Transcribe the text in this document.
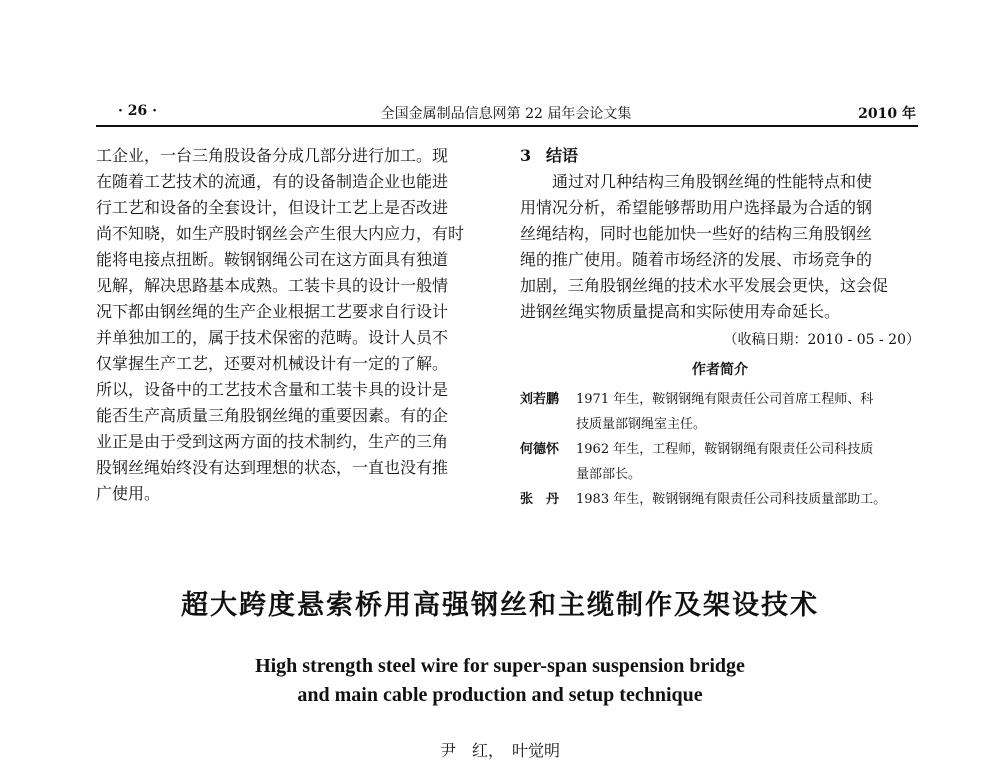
· 26 ·	全国金属制品信息网第 22 届年会论文集	2010 年

工企业，一台三角股设备分成几部分进行加工。现
在随着工艺技术的流通，有的设备制造企业也能进
行工艺和设备的全套设计，但设计工艺上是否改进
尚不知晓，如生产股时钢丝会产生很大内应力，有时
能将电接点扭断。鞍钢钢绳公司在这方面具有独道
见解，解决思路基本成熟。工装卡具的设计一般情
况下都由钢丝绳的生产企业根据工艺要求自行设计
并单独加工的，属于技术保密的范畴。设计人员不
仅掌握生产工艺，还要对机械设计有一定的了解。
所以，设备中的工艺技术含量和工装卡具的设计是
能否生产高质量三角股钢丝绳的重要因素。有的企
业正是由于受到这两方面的技术制约，生产的三角
股钢丝绳始终没有达到理想的状态，一直也没有推
广使用。

3 结语

　　通过对几种结构三角股钢丝绳的性能特点和使
用情况分析，希望能够帮助用户选择最为合适的钢
丝绳结构，同时也能加快一些好的结构三角股钢丝
绳的推广使用。随着市场经济的发展、市场竞争的
加剧，三角股钢丝绳的技术水平发展会更快，这会促
进钢丝绳实物质量提高和实际使用寿命延长。

（收稿日期：2010 - 05 - 20）
作者简介
刘若鹏	1971 年生，鞍钢钢绳有限责任公司首席工程师、科
技质量部钢绳室主任。
何德怀	1962 年生，工程师，鞍钢钢绳有限责任公司科技质
量部部长。
张　丹	1983 年生，鞍钢钢绳有限责任公司科技质量部助工。
超大跨度悬索桥用高强钢丝和主缆制作及架设技术
High strength steel wire for super-span suspension bridge
and main cable production and setup technique
尹　红，　叶觉明
